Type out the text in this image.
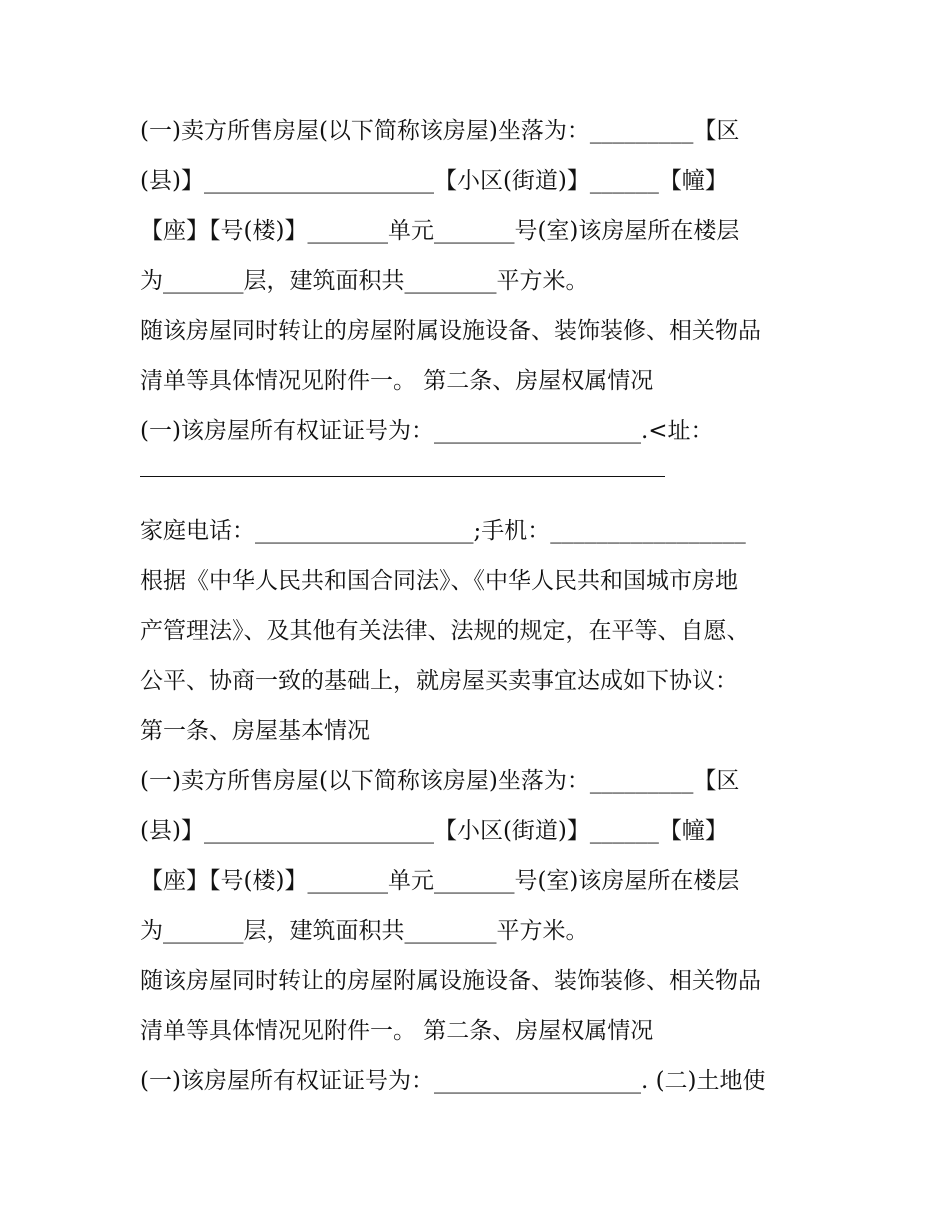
(一)卖方所售房屋(以下简称该房屋)坐落为：_________【区
(县)】____________________【小区(街道)】______【幢】
【座】【号(楼)】_______单元_______号(室)该房屋所在楼层
为_______层，建筑面积共________平方米。
随该房屋同时转让的房屋附属设施设备、装饰装修、相关物品
清单等具体情况见附件一。 第二条、房屋权属情况
(一)该房屋所有权证证号为：__________________.<址：
家庭电话：___________________;手机：_________________
根据《中华人民共和国合同法》、《中华人民共和国城市房地
产管理法》、及其他有关法律、法规的规定，在平等、自愿、
公平、协商一致的基础上，就房屋买卖事宜达成如下协议：
第一条、房屋基本情况
(一)卖方所售房屋(以下简称该房屋)坐落为：_________【区
(县)】____________________【小区(街道)】______【幢】
【座】【号(楼)】_______单元_______号(室)该房屋所在楼层
为_______层，建筑面积共________平方米。
随该房屋同时转让的房屋附属设施设备、装饰装修、相关物品
清单等具体情况见附件一。 第二条、房屋权属情况
(一)该房屋所有权证证号为：__________________. (二)土地使
